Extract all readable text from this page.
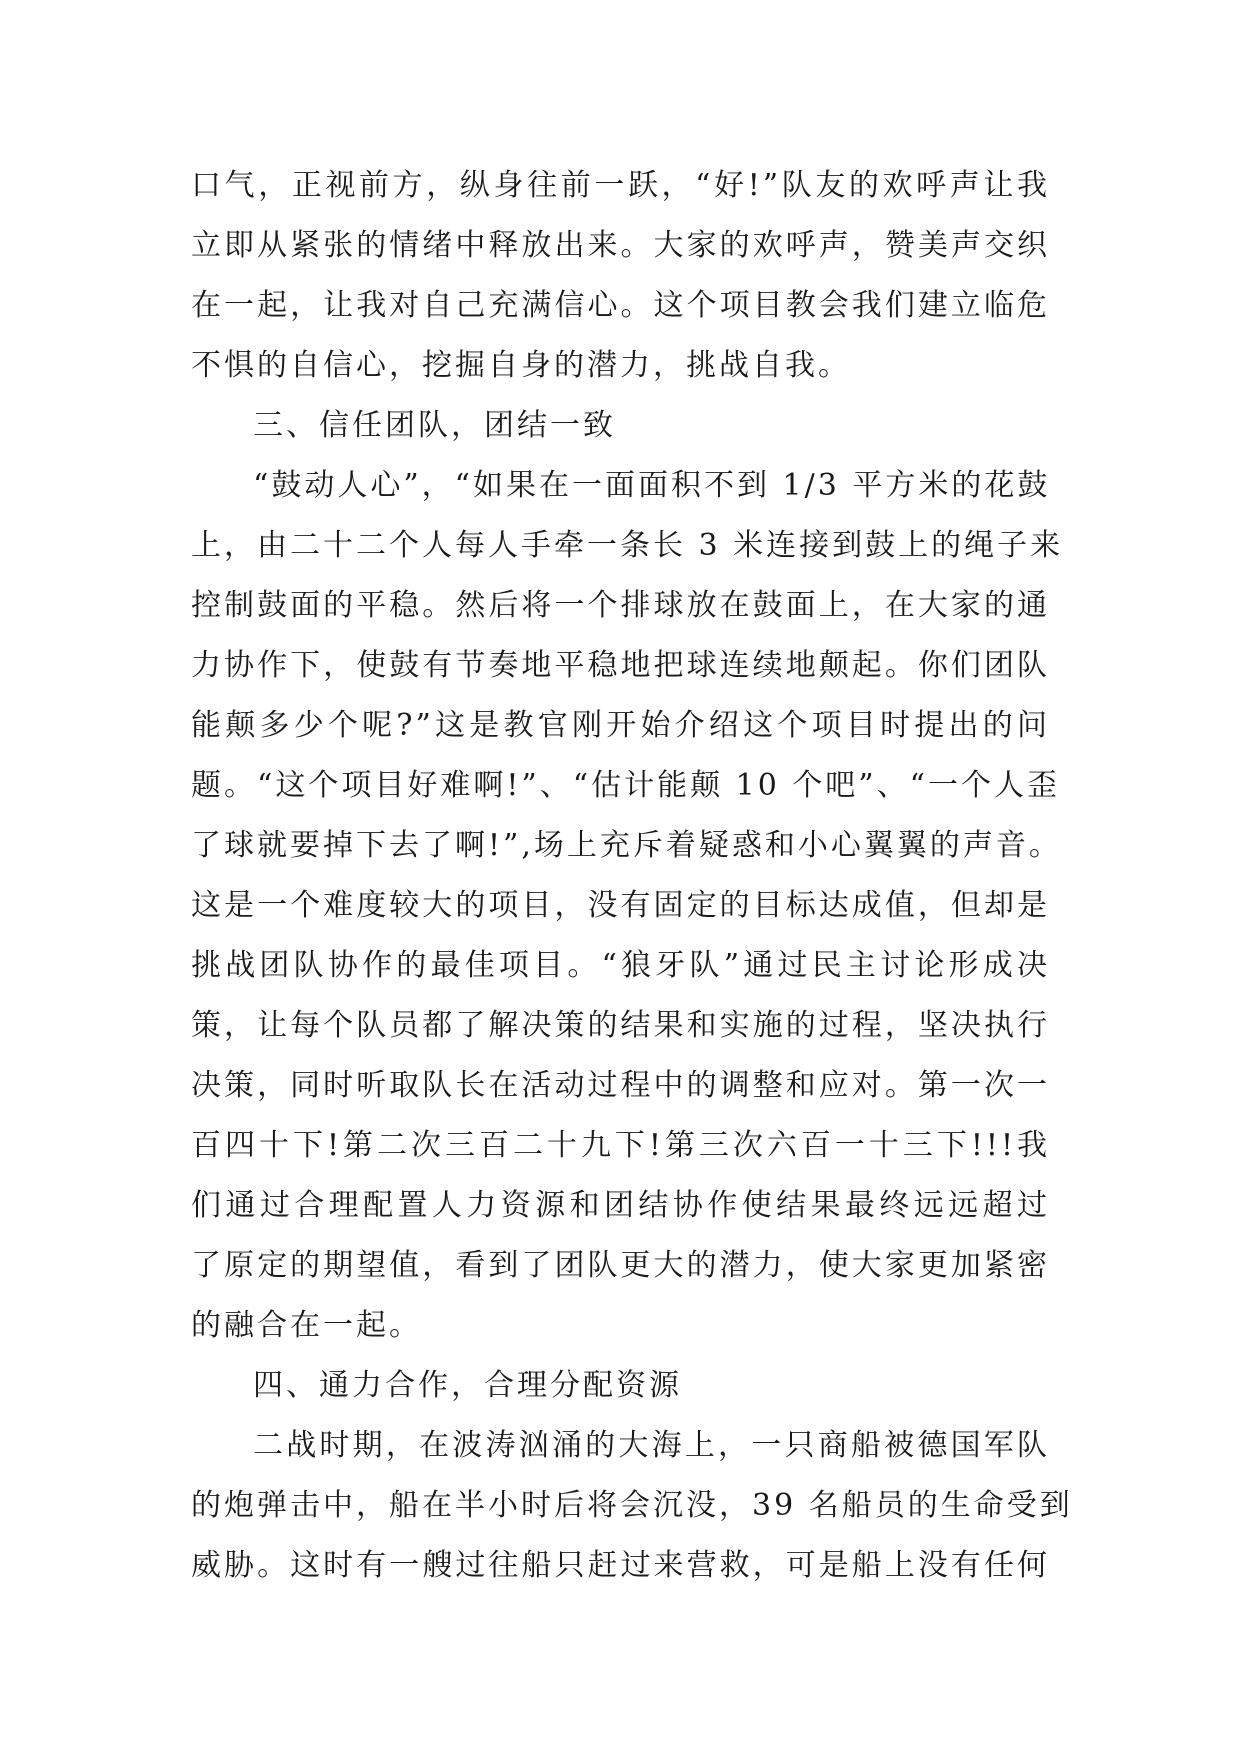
口气，正视前方，纵身往前一跃，“好!”队友的欢呼声让我
立即从紧张的情绪中释放出来。大家的欢呼声，赞美声交织
在一起，让我对自己充满信心。这个项目教会我们建立临危
不惧的自信心，挖掘自身的潜力，挑战自我。
三、信任团队，团结一致
“鼓动人心”，“如果在一面面积不到 1/3 平方米的花鼓
上，由二十二个人每人手牵一条长 3 米连接到鼓上的绳子来
控制鼓面的平稳。然后将一个排球放在鼓面上，在大家的通
力协作下，使鼓有节奏地平稳地把球连续地颠起。你们团队
能颠多少个呢?”这是教官刚开始介绍这个项目时提出的问
题。“这个项目好难啊!”、“估计能颠 10 个吧”、“一个人歪
了球就要掉下去了啊!”,场上充斥着疑惑和小心翼翼的声音。
这是一个难度较大的项目，没有固定的目标达成值，但却是
挑战团队协作的最佳项目。“狼牙队”通过民主讨论形成决
策，让每个队员都了解决策的结果和实施的过程，坚决执行
决策，同时听取队长在活动过程中的调整和应对。第一次一
百四十下!第二次三百二十九下!第三次六百一十三下!!!我
们通过合理配置人力资源和团结协作使结果最终远远超过
了原定的期望值，看到了团队更大的潜力，使大家更加紧密
的融合在一起。
四、通力合作，合理分配资源
二战时期，在波涛汹涌的大海上，一只商船被德国军队
的炮弹击中，船在半小时后将会沉没，39 名船员的生命受到
威胁。这时有一艘过往船只赶过来营救，可是船上没有任何
